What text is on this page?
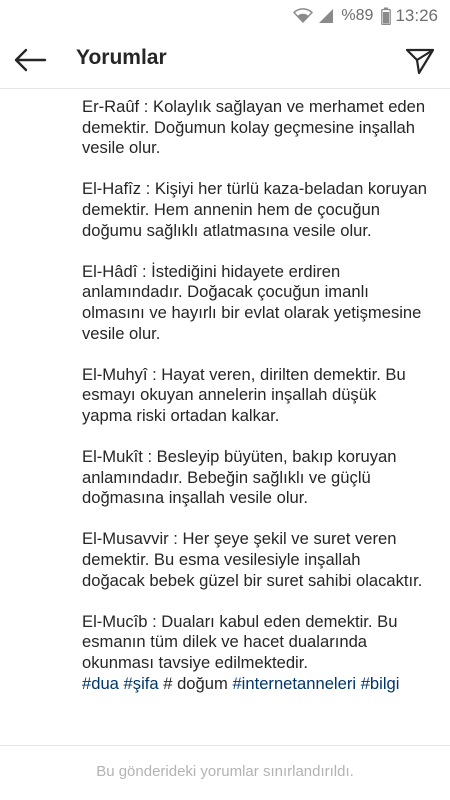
%89 13:26
Yorumlar

Er-Raûf : Kolaylık sağlayan ve merhamet eden demektir. Doğumun kolay geçmesine inşallah vesile olur.

El-Hafîz : Kişiyi her türlü kaza-beladan koruyan demektir. Hem annenin hem de çocuğun doğumu sağlıklı atlatmasına vesile olur.

El-Hâdî : İstediğini hidayete erdiren anlamındadır. Doğacak çocuğun imanlı olmasını ve hayırlı bir evlat olarak yetişmesine vesile olur.

El-Muhyî : Hayat veren, dirilten demektir. Bu esmayı okuyan annelerin inşallah düşük yapma riski ortadan kalkar.

El-Mukît : Besleyip büyüten, bakıp koruyan anlamındadır. Bebeğin sağlıklı ve güçlü doğmasına inşallah vesile olur.

El-Musavvir : Her şeye şekil ve suret veren demektir. Bu esma vesilesiyle inşallah doğacak bebek güzel bir suret sahibi olacaktır.

El-Mucîb : Duaları kabul eden demektir. Bu esmanın tüm dilek ve hacet dualarında okunması tavsiye edilmektedir.

#dua #şifa # doğum #internetanneleri #bilgi
Bu gönderideki yorumlar sınırlandırıldı.
